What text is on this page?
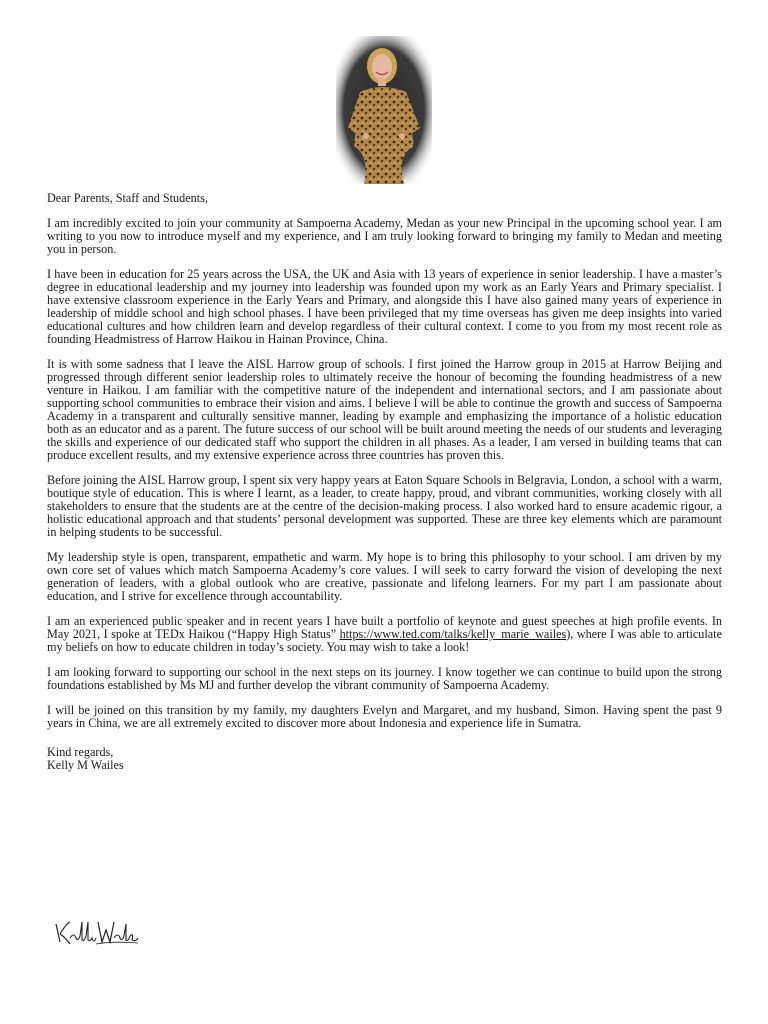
Dear Parents, Staff and Students,

I am incredibly excited to join your community at Sampoerna Academy, Medan as your new Principal in the upcoming school year. I am writing to you now to introduce myself and my experience, and I am truly looking forward to bringing my family to Medan and meeting you in person.

I have been in education for 25 years across the USA, the UK and Asia with 13 years of experience in senior leadership. I have a master’s degree in educational leadership and my journey into leadership was founded upon my work as an Early Years and Primary specialist. I have extensive classroom experience in the Early Years and Primary, and alongside this I have also gained many years of experience in leadership of middle school and high school phases. I have been privileged that my time overseas has given me deep insights into varied educational cultures and how children learn and develop regardless of their cultural context. I come to you from my most recent role as founding Headmistress of Harrow Haikou in Hainan Province, China.

It is with some sadness that I leave the AISL Harrow group of schools. I first joined the Harrow group in 2015 at Harrow Beijing and progressed through different senior leadership roles to ultimately receive the honour of becoming the founding headmistress of a new venture in Haikou. I am familiar with the competitive nature of the independent and international sectors, and I am passionate about supporting school communities to embrace their vision and aims. I believe I will be able to continue the growth and success of Sampoerna Academy in a transparent and culturally sensitive manner, leading by example and emphasizing the importance of a holistic education both as an educator and as a parent. The future success of our school will be built around meeting the needs of our students and leveraging the skills and experience of our dedicated staff who support the children in all phases. As a leader, I am versed in building teams that can produce excellent results, and my extensive experience across three countries has proven this.

Before joining the AISL Harrow group, I spent six very happy years at Eaton Square Schools in Belgravia, London, a school with a warm, boutique style of education. This is where I learnt, as a leader, to create happy, proud, and vibrant communities, working closely with all stakeholders to ensure that the students are at the centre of the decision-making process. I also worked hard to ensure academic rigour, a holistic educational approach and that students’ personal development was supported. These are three key elements which are paramount in helping students to be successful.

My leadership style is open, transparent, empathetic and warm. My hope is to bring this philosophy to your school. I am driven by my own core set of values which match Sampoerna Academy’s core values. I will seek to carry forward the vision of developing the next generation of leaders, with a global outlook who are creative, passionate and lifelong learners. For my part I am passionate about education, and I strive for excellence through accountability.

I am an experienced public speaker and in recent years I have built a portfolio of keynote and guest speeches at high profile events. In May 2021, I spoke at TEDx Haikou (“Happy High Status” https://www.ted.com/talks/kelly_marie_wailes), where I was able to articulate my beliefs on how to educate children in today’s society. You may wish to take a look!

I am looking forward to supporting our school in the next steps on its journey. I know together we can continue to build upon the strong foundations established by Ms MJ and further develop the vibrant community of Sampoerna Academy.

I will be joined on this transition by my family, my daughters Evelyn and Margaret, and my husband, Simon. Having spent the past 9 years in China, we are all extremely excited to discover more about Indonesia and experience life in Sumatra.

Kind regards,
Kelly M Wailes
